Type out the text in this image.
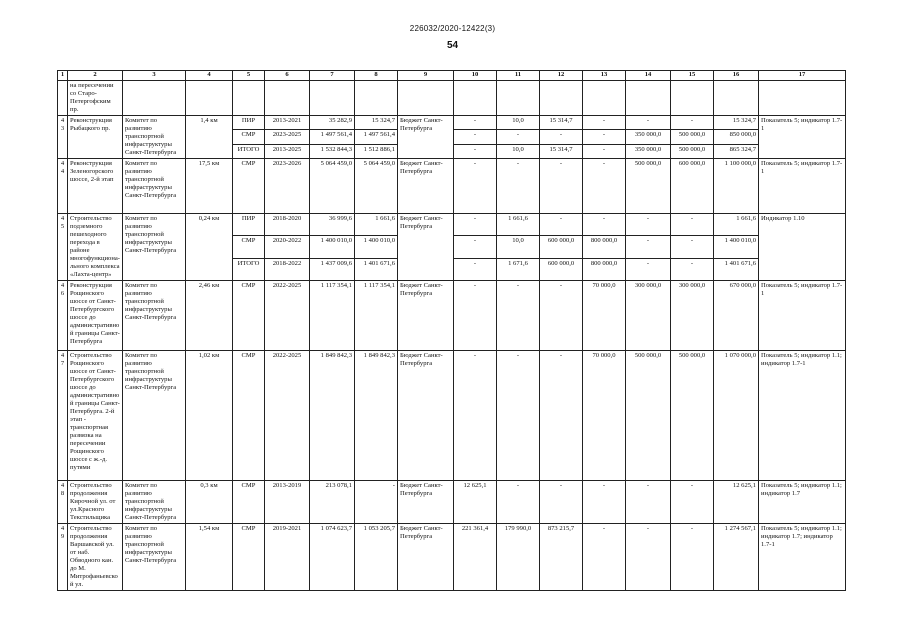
226032/2020-12422(3)
54
1	2	3	4	5	6	7	8	9	10	11	12	13	14	15	16	17
	на пересечении со Старо-Петергофским пр.															
43	Реконструкция Рыбацкого пр.	Комитет по развитию транспортной инфраструктуры Санкт-Петербурга	1,4 км	ПИР	2013-2021	35 282,9	15 324,7	Бюджет Санкт-Петербурга	-	10,0	15 314,7	-	-	-	15 324,7	Показатель 5; индикатор 1.7-1
				СМР	2023-2025	1 497 561,4	1 497 561,4		-	-	-	-	350 000,0	500 000,0	850 000,0	
				ИТОГО	2013-2025	1 532 844,3	1 512 886,1		-	10,0	15 314,7	-	350 000,0	500 000,0	865 324,7	
44	Реконструкция Зеленогорского шоссе, 2-й этап	Комитет по развитию транспортной инфраструктуры Санкт-Петербурга	17,5 км	СМР	2023-2026	5 064 459,0	5 064 459,0	Бюджет Санкт-Петербурга	-	-	-	-	500 000,0	600 000,0	1 100 000,0	Показатель 5; индикатор 1.7-1
45	Строительство подземного пешеходного перехода в районе многофункциона-льного комплекса «Лахта-центр»	Комитет по развитию транспортной инфраструктуры Санкт-Петербурга	0,24 км	ПИР	2018-2020	36 999,6	1 661,6	Бюджет Санкт-Петербурга	-	1 661,6	-	-	-	-	1 661,6	Индикатор 1.10
				СМР	2020-2022	1 400 010,0	1 400 010,0		-	10,0	600 000,0	800 000,0	-	-	1 400 010,0	
				ИТОГО	2018-2022	1 437 009,6	1 401 671,6		-	1 671,6	600 000,0	800 000,0	-	-	1 401 671,6	
46	Реконструкция Рощинского шоссе от Санкт-Петербургского шоссе до административной границы Санкт-Петербурга	Комитет по развитию транспортной инфраструктуры Санкт-Петербурга	2,46 км	СМР	2022-2025	1 117 354,1	1 117 354,1	Бюджет Санкт-Петербурга	-	-	-	70 000,0	300 000,0	300 000,0	670 000,0	Показатель 5; индикатор 1.7-1
47	Строительство Рощинского шоссе от Санкт-Петербургского шоссе до административной границы Санкт-Петербурга. 2-й этап - транспортная развязка на пересечении Рощинского шоссе с ж.-д. путями	Комитет по развитию транспортной инфраструктуры Санкт-Петербурга	1,02 км	СМР	2022-2025	1 849 842,3	1 849 842,3	Бюджет Санкт-Петербурга	-	-	-	70 000,0	500 000,0	500 000,0	1 070 000,0	Показатель 5; индикатор 1.1; индикатор 1.7-1
48	Строительство продолжения Кирочной ул. от ул.Красного Текстильщика	Комитет по развитию транспортной инфраструктуры Санкт-Петербурга	0,3 км	СМР	2013-2019	213 078,1	-	Бюджет Санкт-Петербурга	12 625,1	-	-	-	-	-	12 625,1	Показатель 5; индикатор 1.1; индикатор 1.7
49	Строительство продолжения Варшавской ул. от наб. Обводного кан. до М. Митрофаньевской ул.	Комитет по развитию транспортной инфраструктуры Санкт-Петербурга	1,54 км	СМР	2019-2021	1 074 623,7	1 053 205,7	Бюджет Санкт-Петербурга	221 361,4	179 990,0	873 215,7	-	-	-	1 274 567,1	Показатель 5; индикатор 1.1; индикатор 1.7; индикатор 1.7-1
